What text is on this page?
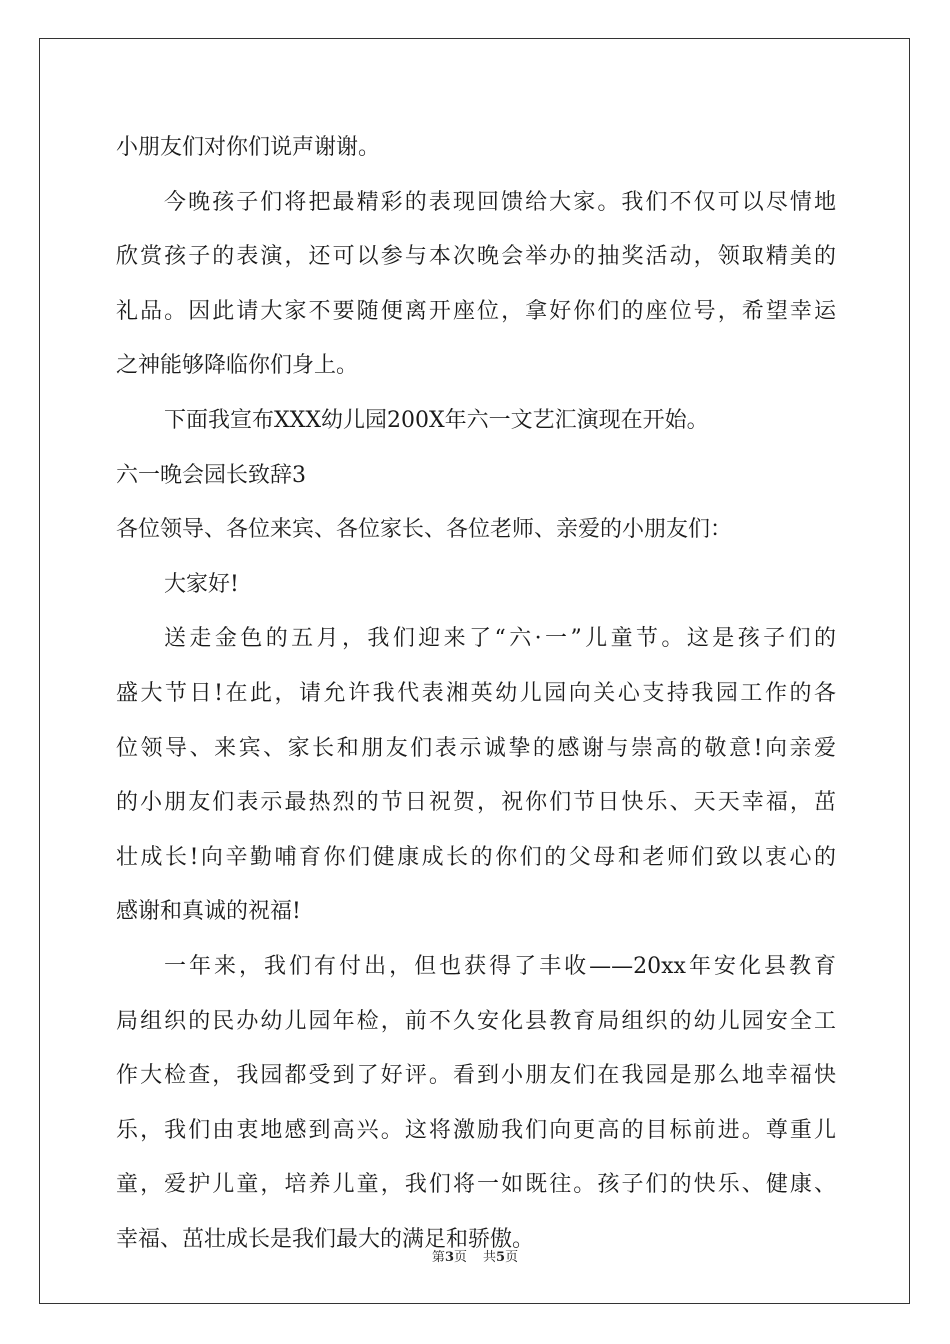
小朋友们对你们说声谢谢。
今晚孩子们将把最精彩的表现回馈给大家。我们不仅可以尽情地
欣赏孩子的表演，还可以参与本次晚会举办的抽奖活动，领取精美的
礼品。因此请大家不要随便离开座位，拿好你们的座位号，希望幸运
之神能够降临你们身上。
下面我宣布XXX幼儿园200X年六一文艺汇演现在开始。
六一晚会园长致辞3
各位领导、各位来宾、各位家长、各位老师、亲爱的小朋友们：
大家好!
送走金色的五月，我们迎来了“六·一”儿童节。这是孩子们的
盛大节日!在此，请允许我代表湘英幼儿园向关心支持我园工作的各
位领导、来宾、家长和朋友们表示诚挚的感谢与崇高的敬意!向亲爱
的小朋友们表示最热烈的节日祝贺，祝你们节日快乐、天天幸福，茁
壮成长!向辛勤哺育你们健康成长的你们的父母和老师们致以衷心的
感谢和真诚的祝福!
一年来，我们有付出，但也获得了丰收——20xx年安化县教育
局组织的民办幼儿园年检，前不久安化县教育局组织的幼儿园安全工
作大检查，我园都受到了好评。看到小朋友们在我园是那么地幸福快
乐，我们由衷地感到高兴。这将激励我们向更高的目标前进。尊重儿
童，爱护儿童，培养儿童，我们将一如既往。孩子们的快乐、健康、
幸福、茁壮成长是我们最大的满足和骄傲。
第3页 共5页
